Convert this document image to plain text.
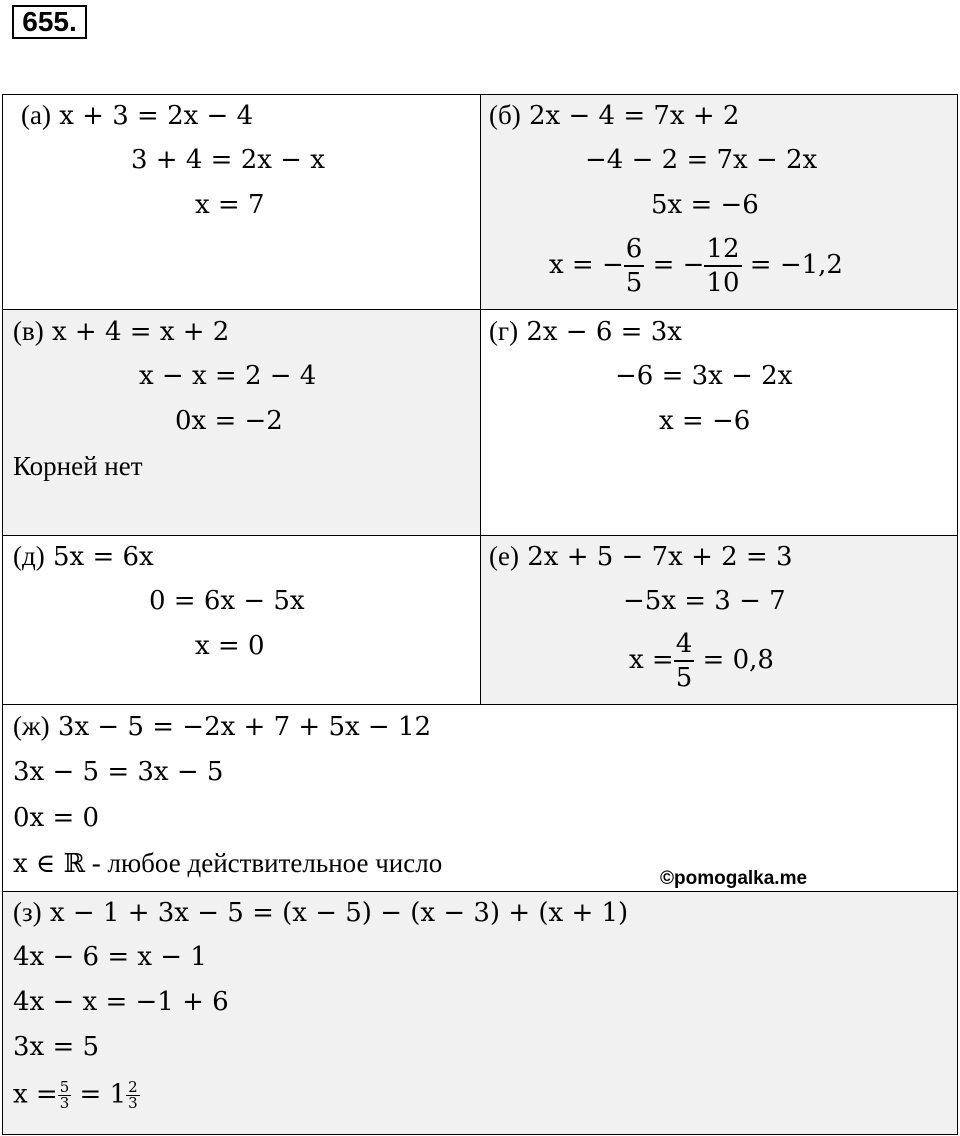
655.
(а) x + 3 = 2x − 4
3 + 4 = 2x − x
x = 7
(б) 2x − 4 = 7x + 2
−4 − 2 = 7x − 2x
5x = −6
x = − $\frac{6}{5}$ = − $\frac{12}{10} = -1,2$
(в) x + 4 = x + 2
x − x = 2 − 4
0x = −2
Корней нет
(г) 2x − 6 = 3x
−6 = 3x − 2x
x = −6
(д) 5x = 6x
0 = 6x − 5x
x = 0
(е) 2x + 5 − 7x + 2 = 3
−5x = 3 − 7
$x = \frac{4}{5} = 0,8$
(ж) 3x − 5 = −2x + 7 + 5x − 12
3x − 5 = 3x − 5
0x = 0
x ∈ ℝ - любое действительное число
(з) x − 1 + 3x − 5 = (x − 5) − (x − 3) + (x + 1)
4x − 6 = x − 1
4x − x = −1 + 6
3x = 5
$x = \frac{5}{3} = 1 \frac{2}{3}$
©pomogalka.me
